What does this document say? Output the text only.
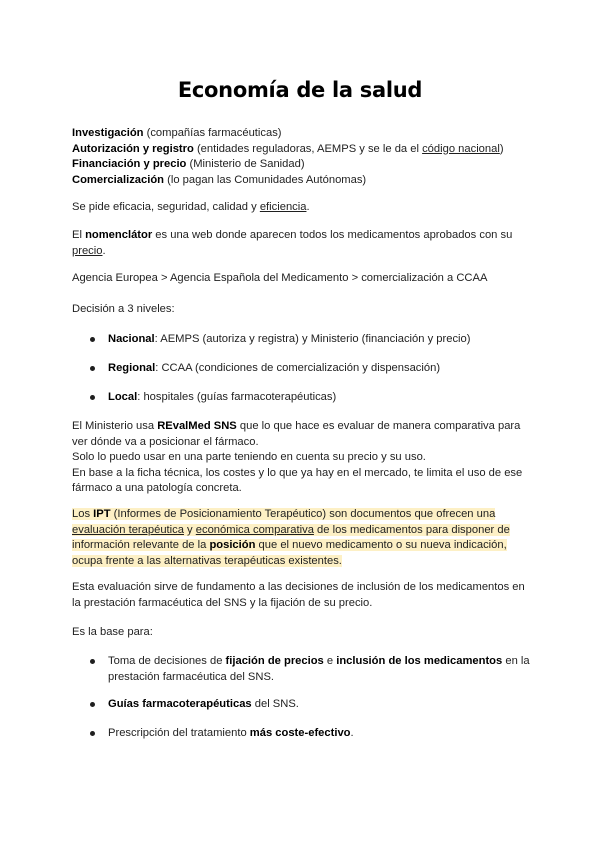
Economía de la salud
Investigación (compañías farmacéuticas)
Autorización y registro (entidades reguladoras, AEMPS y se le da el código nacional)
Financiación y precio (Ministerio de Sanidad)
Comercialización (lo pagan las Comunidades Autónomas)
Se pide eficacia, seguridad, calidad y eficiencia.
El nomenclátor es una web donde aparecen todos los medicamentos aprobados con su
precio.
Agencia Europea > Agencia Española del Medicamento > comercialización a CCAA
Decisión a 3 niveles:
Nacional: AEMPS (autoriza y registra) y Ministerio (financiación y precio)
Regional: CCAA (condiciones de comercialización y dispensación)
Local: hospitales (guías farmacoterapéuticas)
El Ministerio usa REvalMed SNS que lo que hace es evaluar de manera comparativa para
ver dónde va a posicionar el fármaco.
Solo lo puedo usar en una parte teniendo en cuenta su precio y su uso.
En base a la ficha técnica, los costes y lo que ya hay en el mercado, te limita el uso de ese
fármaco a una patología concreta.
Los IPT (Informes de Posicionamiento Terapéutico) son documentos que ofrecen una
evaluación terapéutica y económica comparativa de los medicamentos para disponer de
información relevante de la posición que el nuevo medicamento o su nueva indicación,
ocupa frente a las alternativas terapéuticas existentes.
Esta evaluación sirve de fundamento a las decisiones de inclusión de los medicamentos en
la prestación farmacéutica del SNS y la fijación de su precio.
Es la base para:
Toma de decisiones de fijación de precios e inclusión de los medicamentos en la
prestación farmacéutica del SNS.
Guías farmacoterapéuticas del SNS.
Prescripción del tratamiento más coste-efectivo.
